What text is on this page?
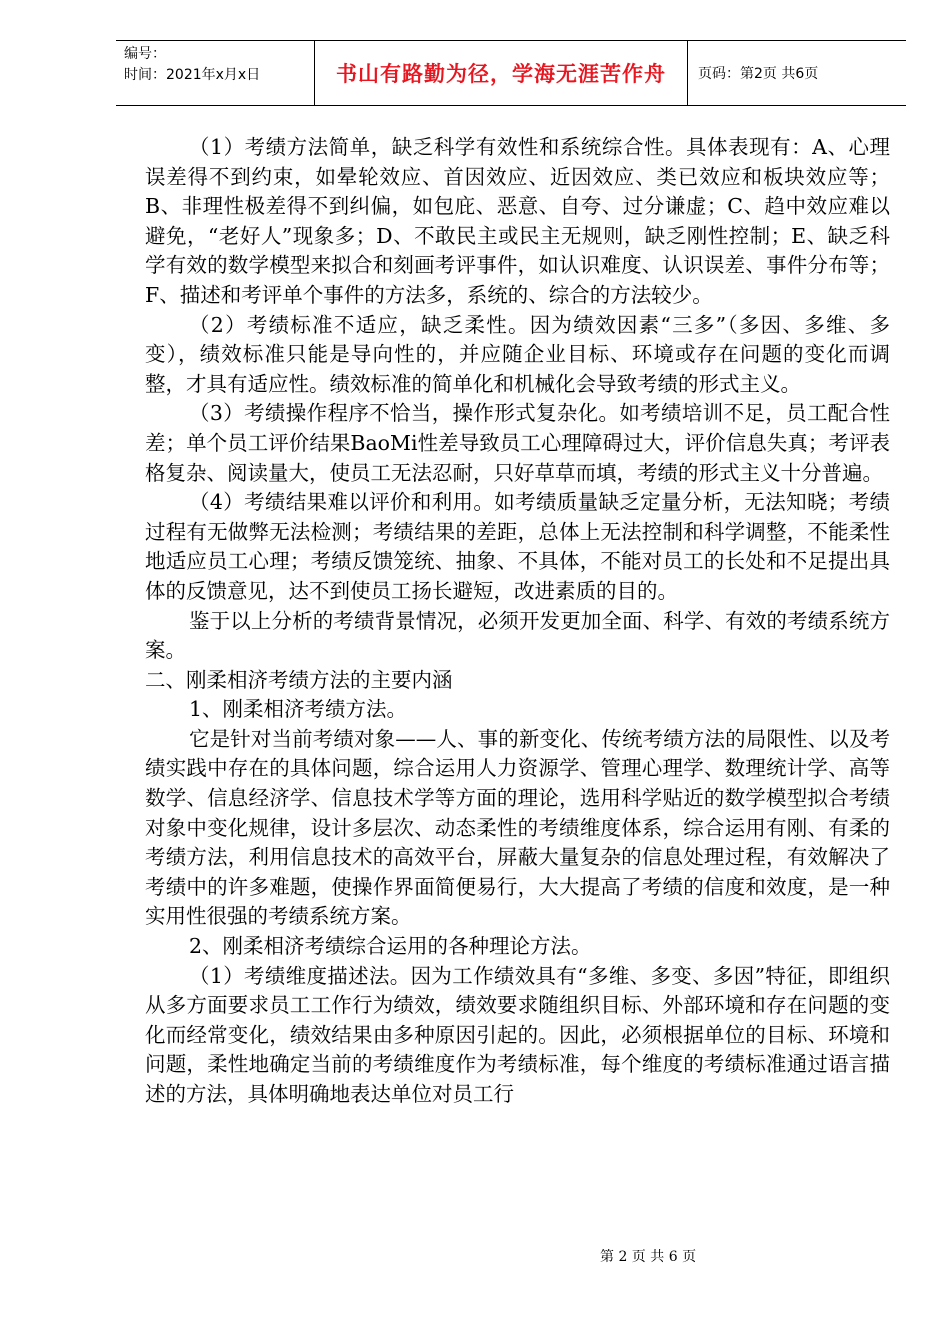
编号：
时间：2021年x月x日	书山有路勤为径，学海无涯苦作舟	页码：第2页 共6页

（1）考绩方法简单，缺乏科学有效性和系统综合性。具体表现有：A、心理误差得不到约束，如晕轮效应、首因效应、近因效应、类已效应和板块效应等；B、非理性极差得不到纠偏，如包庇、恶意、自夸、过分谦虚；C、趋中效应难以避免，“老好人”现象多；D、不敢民主或民主无规则，缺乏刚性控制；E、缺乏科学有效的数学模型来拟合和刻画考评事件，如认识难度、认识误差、事件分布等；F、描述和考评单个事件的方法多，系统的、综合的方法较少。

（2）考绩标准不适应，缺乏柔性。因为绩效因素“三多”（多因、多维、多变），绩效标准只能是导向性的，并应随企业目标、环境或存在问题的变化而调整，才具有适应性。绩效标准的简单化和机械化会导致考绩的形式主义。

（3）考绩操作程序不恰当，操作形式复杂化。如考绩培训不足，员工配合性差；单个员工评价结果BaoMi性差导致员工心理障碍过大，评价信息失真；考评表格复杂、阅读量大，使员工无法忍耐，只好草草而填，考绩的形式主义十分普遍。

（4）考绩结果难以评价和利用。如考绩质量缺乏定量分析，无法知晓；考绩过程有无做弊无法检测；考绩结果的差距，总体上无法控制和科学调整，不能柔性地适应员工心理；考绩反馈笼统、抽象、不具体，不能对员工的长处和不足提出具体的反馈意见，达不到使员工扬长避短，改进素质的目的。

鉴于以上分析的考绩背景情况，必须开发更加全面、科学、有效的考绩系统方案。

二、刚柔相济考绩方法的主要内涵

1、刚柔相济考绩方法。

它是针对当前考绩对象——人、事的新变化、传统考绩方法的局限性、以及考绩实践中存在的具体问题，综合运用人力资源学、管理心理学、数理统计学、高等数学、信息经济学、信息技术学等方面的理论，选用科学贴近的数学模型拟合考绩对象中变化规律，设计多层次、动态柔性的考绩维度体系，综合运用有刚、有柔的考绩方法，利用信息技术的高效平台，屏蔽大量复杂的信息处理过程，有效解决了考绩中的许多难题，使操作界面简便易行，大大提高了考绩的信度和效度，是一种实用性很强的考绩系统方案。

2、刚柔相济考绩综合运用的各种理论方法。

（1）考绩维度描述法。因为工作绩效具有“多维、多变、多因”特征，即组织从多方面要求员工工作行为绩效，绩效要求随组织目标、外部环境和存在问题的变化而经常变化，绩效结果由多种原因引起的。因此，必须根据单位的目标、环境和问题，柔性地确定当前的考绩维度作为考绩标准，每个维度的考绩标准通过语言描述的方法，具体明确地表达单位对员工行

第 2 页 共 6 页
